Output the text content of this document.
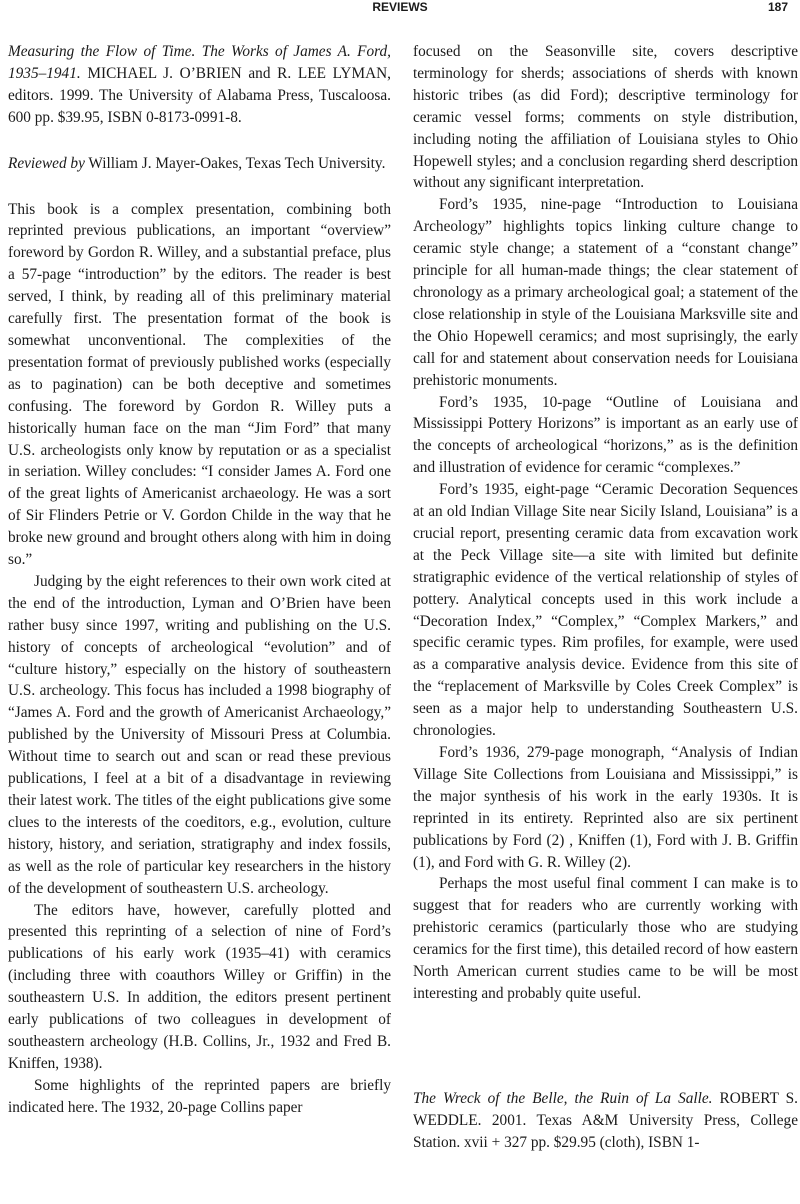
REVIEWS	187

Measuring the Flow of Time. The Works of James A. Ford, 1935–1941. MICHAEL J. O’BRIEN and R. LEE LYMAN, editors. 1999. The University of Alabama Press, Tuscaloosa. 600 pp. $39.95, ISBN 0-8173-0991-8.

Reviewed by William J. Mayer-Oakes, Texas Tech University.

This book is a complex presentation, combining both reprinted previous publications, an important “overview” foreword by Gordon R. Willey, and a substantial preface, plus a 57-page “introduction” by the editors. The reader is best served, I think, by reading all of this preliminary material carefully first. The presentation format of the book is somewhat unconventional. The complexities of the presentation format of previously published works (especially as to pagination) can be both deceptive and sometimes confusing. The foreword by Gordon R. Willey puts a historically human face on the man “Jim Ford” that many U.S. archeologists only know by reputation or as a specialist in seriation. Willey concludes: “I consider James A. Ford one of the great lights of Americanist archaeology. He was a sort of Sir Flinders Petrie or V. Gordon Childe in the way that he broke new ground and brought others along with him in doing so.”

Judging by the eight references to their own work cited at the end of the introduction, Lyman and O’Brien have been rather busy since 1997, writing and publishing on the U.S. history of concepts of archeological “evolution” and of “culture history,” especially on the history of southeastern U.S. archeology. This focus has included a 1998 biography of “James A. Ford and the growth of Americanist Archaeology,” published by the University of Missouri Press at Columbia. Without time to search out and scan or read these previous publications, I feel at a bit of a disadvantage in reviewing their latest work. The titles of the eight publications give some clues to the interests of the coeditors, e.g., evolution, culture history, history, and seriation, stratigraphy and index fossils, as well as the role of particular key researchers in the history of the development of southeastern U.S. archeology.

The editors have, however, carefully plotted and presented this reprinting of a selection of nine of Ford’s publications of his early work (1935–41) with ceramics (including three with coauthors Willey or Griffin) in the southeastern U.S. In addition, the editors present pertinent early publications of two colleagues in development of southeastern archeology (H.B. Collins, Jr., 1932 and Fred B. Kniffen, 1938).

Some highlights of the reprinted papers are briefly indicated here. The 1932, 20-page Collins paper

focused on the Seasonville site, covers descriptive terminology for sherds; associations of sherds with known historic tribes (as did Ford); descriptive terminology for ceramic vessel forms; comments on style distribution, including noting the affiliation of Louisiana styles to Ohio Hopewell styles; and a conclusion regarding sherd description without any significant interpretation.

Ford’s 1935, nine-page “Introduction to Louisiana Archeology” highlights topics linking culture change to ceramic style change; a statement of a “constant change” principle for all human-made things; the clear statement of chronology as a primary archeological goal; a statement of the close relationship in style of the Louisiana Marksville site and the Ohio Hopewell ceramics; and most suprisingly, the early call for and statement about conservation needs for Louisiana prehistoric monuments.

Ford’s 1935, 10-page “Outline of Louisiana and Mississippi Pottery Horizons” is important as an early use of the concepts of archeological “horizons,” as is the definition and illustration of evidence for ceramic “complexes.”

Ford’s 1935, eight-page “Ceramic Decoration Sequences at an old Indian Village Site near Sicily Island, Louisiana” is a crucial report, presenting ceramic data from excavation work at the Peck Village site—a site with limited but definite stratigraphic evidence of the vertical relationship of styles of pottery. Analytical concepts used in this work include a “Decoration Index,” “Complex,” “Complex Markers,” and specific ceramic types. Rim profiles, for example, were used as a comparative analysis device. Evidence from this site of the “replacement of Marksville by Coles Creek Complex” is seen as a major help to understanding Southeastern U.S. chronologies.

Ford’s 1936, 279-page monograph, “Analysis of Indian Village Site Collections from Louisiana and Mississippi,” is the major synthesis of his work in the early 1930s. It is reprinted in its entirety. Reprinted also are six pertinent publications by Ford (2) , Kniffen (1), Ford with J. B. Griffin (1), and Ford with G. R. Willey (2).

Perhaps the most useful final comment I can make is to suggest that for readers who are currently working with prehistoric ceramics (particularly those who are studying ceramics for the first time), this detailed record of how eastern North American current studies came to be will be most interesting and probably quite useful.

The Wreck of the Belle, the Ruin of La Salle. ROBERT S. WEDDLE. 2001. Texas A&M University Press, College Station. xvii + 327 pp. $29.95 (cloth), ISBN 1-
